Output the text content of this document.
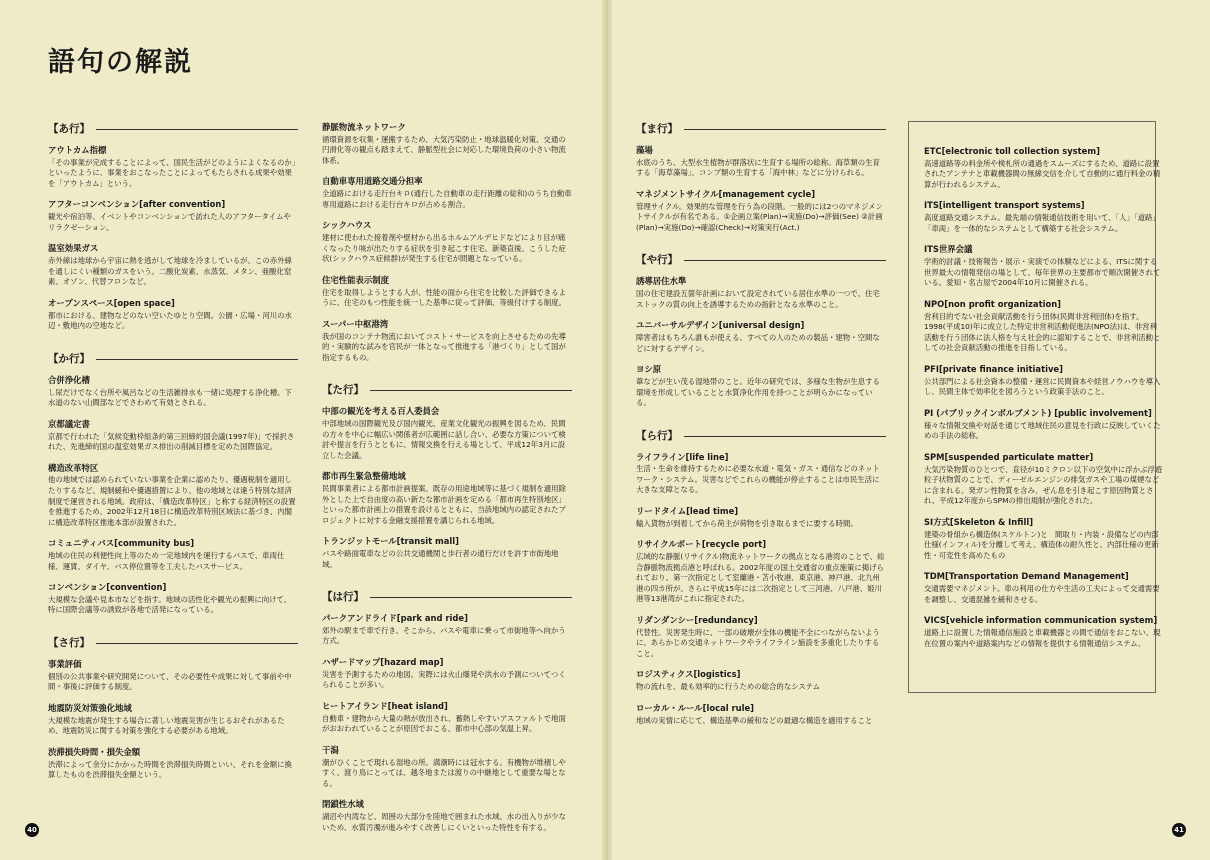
語句の解説
【あ行】
アウトカム指標
「その事業が完成することによって、国民生活がどのようによくなるのか」といったように、事業をおこなったことによってもたらされる成果や効果を「アウトカム」という。
アフターコンベンション[after convention]
観光や宿泊等、イベントやコンベンションで訪れた人のアフタータイムやリラクゼーション。
温室効果ガス
赤外線は地球から宇宙に熱を逃がして地球を冷ましているが、この赤外線を通しにくい種類のガスをいう。二酸化炭素、水蒸気、メタン、亜酸化窒素、オゾン、代替フロンなど。
オープンスペース[open space]
都市における、建物などのない空いたゆとり空間。公園・広場・河川の水辺・敷地内の空地など。
【か行】
合併浄化槽
し尿だけでなく台所や風呂などの生活雑排水も一緒に処理する浄化槽。下水道のない山間部などでさわめて有効とされる。
京都議定書
京都で行われた「気候変動枠組条約第三回締約国会議(1997年)」で採択された、先進締約国の温室効果ガス排出の削減目標を定めた国際協定。
構造改革特区
他の地域では認められていない事業を企業に認めたり、優遇税制を適用したりするなど、規制緩和や優遇措置により、他の地域とは違う特別な経済制度で運営される地域。政府は、「構造改革特区」と称する経済特区の設置を推進するため、2002年12月18日に構造改革特別区域法に基づき、内閣に構造改革特区推進本部が設置された。
コミュニティバス[community bus]
地域の住民の利便性向上等のため一定地域内を運行するバスで、車両仕様、運賃、ダイヤ、バス停位置等を工夫したバスサービス。
コンベンション[convention]
大規模な会議や見本市などを指す。地域の活性化や観光の振興に向けて、特に国際会議等の誘致が各地で活発になっている。
【さ行】
事業評価
個別の公共事業や研究開発について、その必要性や成果に対して事前や中間・事後に評価する制度。
地震防災対策強化地域
大規模な地震が発生する場合に著しい地震災害が生じるおそれがあるため、地震防災に関する対策を強化する必要がある地域。
渋滞損失時間・損失金額
渋滞によって余分にかかった時間を渋滞損失時間といい、それを金額に換算したものを渋滞損失金額という。
静脈物流ネットワーク
循環資源を収集・運搬するため、大気汚染防止・地球温暖化対策、交通の円滑化等の観点も踏まえて、静脈型社会に対応した環境負荷の小さい物流体系。
自動車専用道路交通分担率
全道路における走行台キロ(通行した自動車の走行距離の総和)のうち自動車専用道路における走行台キロが占める割合。
シックハウス
建材に使われた接着剤や壁材から出るホルムアルデヒドなどにより目が痛くなったり咳が出たりする症状を引き起こす住宅。新築直後、こうした症状(シックハウス症候群)が発生する住宅が問題となっている。
住宅性能表示制度
住宅を取得しようとする人が、性能の面から住宅を比較した評価できるように、住宅のもつ性能を統一した基準に従って評価、等級付けする制度。
スーパー中枢港湾
我が国のコンテナ物流においてコスト・サービスを向上させるための先導的・実験的な試みを官民が一体となって推進する「港づくり」として国が指定するもの。
【た行】
中部の観光を考える百人委員会
中部地域の国際観光及び国内観光、産業文化観光の振興を図るため、民間の方々を中心に幅広い関係者が広範囲に話し合い、必要な方策について検討や提言を行うとともに、情報交換を行える場として、平成12年3月に設立した会議。
都市再生緊急整備地域
民間事業者による都市計画提案、既存の用途地域等に基づく規制を適用除外とした上で自由度の高い新たな都市計画を定める「都市再生特別地区」といった都市計画上の措置を設けるとともに、当該地域内の認定されたプロジェクトに対する金融支援措置を講じられる地域。
トランジットモール[transit mall]
バスや路面電車などの公共交通機関と歩行者の通行だけを許す市街地地域。
【は行】
パークアンドライド[park and ride]
郊外の駅まで車で行き、そこから、バスや電車に乗って市街地等へ向かう方式。
ハザードマップ[hazard map]
災害を予測するための地図。実際には火山爆発や洪水の予測についてつくられることが多い。
ヒートアイランド[heat island]
自動車・建物から大量の熱が放出され、蓄熱しやすいアスファルトで地面がおおわれていることが原因でおこる、都市中心部の気温上昇。
干潟
潮がひくことで現れる湿地の所。満潮時には冠水する。有機物が堆積しやすく、渡り鳥にとっては、越冬地または渡りの中継地として重要な場となる。
閉鎖性水域
湖沼や内湾など、周囲の大部分を陸地で囲まれた水域。水の出入りが少ないため、水質汚濁が進みやすく改善しにくいといった特性を有する。
【ま行】
藻場
水底のうち、大型水生植物が群落状に生育する場所の総称。海草類の生育する「海草藻場」、コンブ類の生育する「海中林」などに分けられる。
マネジメントサイクル[management cycle]
管理サイクル。効果的な管理を行う為の段階。一般的には2つのマネジメントサイクルが有名である。①企画立案(Plan)→実施(Do)→評価(See) ②計画(Plan)→実施(Do)→確認(Check)→対策実行(Act.)
【や行】
誘導居住水準
国の住宅建設五箇年計画において設定されている居住水準の一つで、住宅ストックの質の向上を誘導するための指針となる水準のこと。
ユニバーサルデザイン[universal design]
障害者はもちろん誰もが使える、すべての人のための製品・建物・空間などに対するデザイン。
ヨシ原
葦などが生い茂る湿地帯のこと。近年の研究では、多様な生物が生息する環境を形成していることと水質浄化作用を持つことが明らかになっている。
【ら行】
ライフライン[life line]
生活・生命を維持するために必要な水道・電気・ガス・通信などのネットワーク・システム。災害などでこれらの機能が停止することは市民生活に大きな支障となる。
リードタイム[lead time]
輸入貨物が到着してから荷主が荷物を引き取るまでに要する時間。
リサイクルポート[recycle port]
広域的な静脈(リサイクル)物流ネットワークの拠点となる港湾のことで、総合静脈物流拠点港と呼ばれる。2002年度の国土交通省の重点施策に掲げられており、第一次指定として室蘭港・苫小牧港、東京港、神戸港、北九州港の四カ所が、さらに平成15年には二次指定として三河港、八戸港、姫川港等13港湾がこれに指定された。
リダンダンシー[redundancy]
代替性。災害発生時に、一部の破壊が全体の機能不全につながらないように、あらかじめ交通ネットワークやライフライン施設を多重化したりすること。
ロジスティクス[logistics]
物の流れを、最も効率的に行うための総合的なシステム
ローカル・ルール[local rule]
地域の実情に応じて、構造基準の緩和などの最適な構造を適用すること
ETC[electronic toll collection system]
高速道路等の料金所や検札所の通過をスムーズにするため、道路に設置されたアンテナと車載機器間の無線交信を介して自動的に通行料金の精算が行われるシステム。
ITS[intelligent transport systems]
高度道路交通システム。最先端の情報通信技術を用いて、「人」「道路」「車両」を一体的なシステムとして構築する社会システム。
ITS世界会議
学術的討議・技術報告・展示・実演での体験などによる、ITSに関する世界最大の情報発信の場として、毎年世界の主要都市で順次開催されている。愛知・名古屋で2004年10月に開催される。
NPO[non profit organization]
営利目的でない社会貢献活動を行う団体(民間非営利団体)を指す。1998(平成10)年に成立した特定非営利活動促進法(NPO法)は、非営利活動を行う団体に法人格を与え社会的に認知することで、非営利活動としての社会貢献活動の推進を目指している。
PFI[private finance initiative]
公共部門による社会資本の整備・運営に民間資本や経営ノウハウを導入し、民間主体で効率化を図ろうという政策手法のこと。
PI (パブリックインボルブメント) [public involvement]
様々な情報交換や対話を通じて地域住民の意見を行政に反映していくための手法の総称。
SPM[suspended particulate matter]
大気汚染物質のひとつで、直径が10ミクロン以下の空気中に浮かぶ浮遊粒子状物質のことで、ディーゼルエンジンの排気ガスや工場の煤煙などに含まれる。発ガン性物質を含み、ぜん息を引き起こす原因物質とされ、平成12年度からSPMの排出規制が強化された。
SI方式[Skeleton & Infill]
建築の骨組から構造体(スケルトン)と　間取り・内装・設備などの内部仕様(インフィル)を分離して考え、構造体の耐久性と、内部仕様の更新性・可変性を高めたもの
TDM[Transportation Demand Management]
交通需要マネジメント。車の利用の仕方や生活の工夫によって交通需要を調整し、交通混雑を緩和させる。
VICS[vehicle information communication system]
道路上に設置した情報通信施設と車載機器との間で通信をおこない、現在位置の案内や道路案内などの情報を提供する情報通信システム。
40	41
